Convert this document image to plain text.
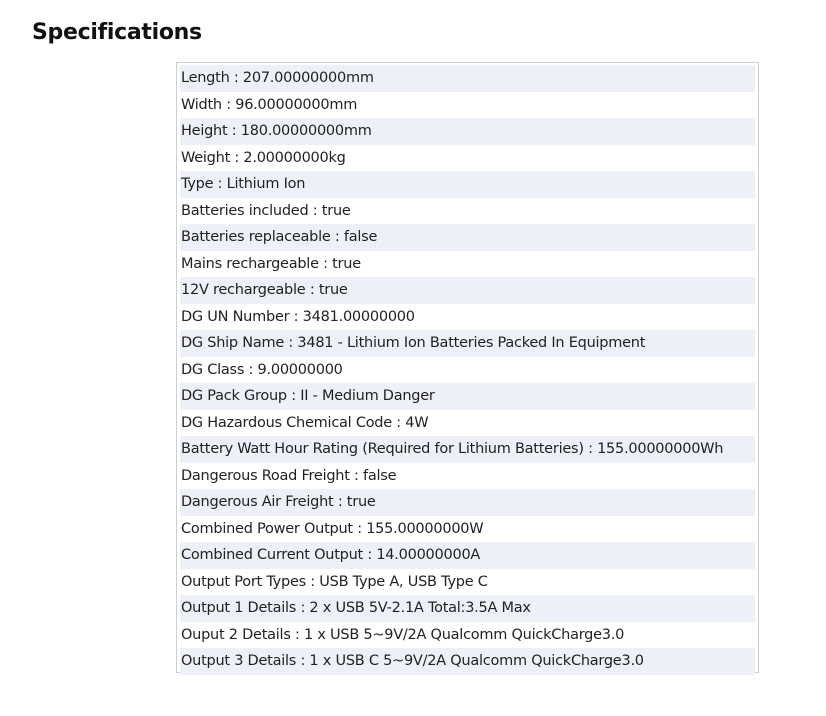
Specifications
Length : 207.00000000mm
Width : 96.00000000mm
Height : 180.00000000mm
Weight : 2.00000000kg
Type : Lithium Ion
Batteries included : true
Batteries replaceable : false
Mains rechargeable : true
12V rechargeable : true
DG UN Number : 3481.00000000
DG Ship Name : 3481 - Lithium Ion Batteries Packed In Equipment
DG Class : 9.00000000
DG Pack Group : II - Medium Danger
DG Hazardous Chemical Code : 4W
Battery Watt Hour Rating (Required for Lithium Batteries) : 155.00000000Wh
Dangerous Road Freight : false
Dangerous Air Freight : true
Combined Power Output : 155.00000000W
Combined Current Output : 14.00000000A
Output Port Types : USB Type A, USB Type C
Output 1 Details : 2 x USB 5V-2.1A Total:3.5A Max
Ouput 2 Details : 1 x USB 5~9V/2A Qualcomm QuickCharge3.0
Output 3 Details : 1 x USB C 5~9V/2A Qualcomm QuickCharge3.0
